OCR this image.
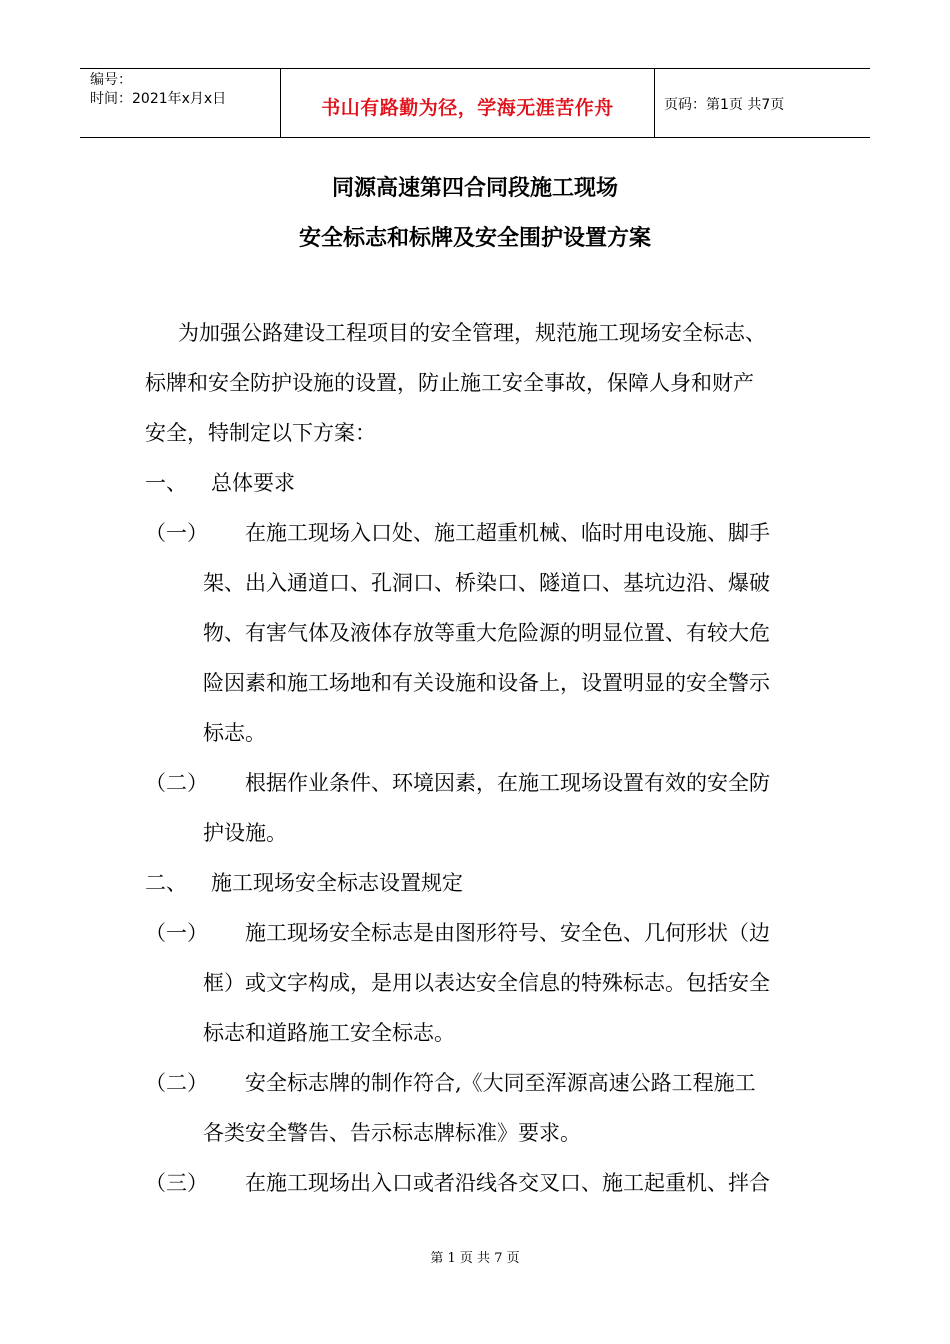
编号：
时间：2021年x月x日	书山有路勤为径，学海无涯苦作舟	页码：第1页 共7页
同源高速第四合同段施工现场
安全标志和标牌及安全围护设置方案
为加强公路建设工程项目的安全管理，规范施工现场安全标志、
标牌和安全防护设施的设置，防止施工安全事故，保障人身和财产
安全，特制定以下方案：
一、 总体要求
（一） 在施工现场入口处、施工超重机械、临时用电设施、脚手
架、出入通道口、孔洞口、桥染口、隧道口、基坑边沿、爆破
物、有害气体及液体存放等重大危险源的明显位置、有较大危
险因素和施工场地和有关设施和设备上，设置明显的安全警示
标志。
（二） 根据作业条件、环境因素，在施工现场设置有效的安全防
护设施。
二、 施工现场安全标志设置规定
（一） 施工现场安全标志是由图形符号、安全色、几何形状（边
框）或文字构成，是用以表达安全信息的特殊标志。包括安全
标志和道路施工安全标志。
（二） 安全标志牌的制作符合,《大同至浑源高速公路工程施工
各类安全警告、告示标志牌标准》要求。
（三） 在施工现场出入口或者沿线各交叉口、施工起重机、拌合
第 1 页 共 7 页
